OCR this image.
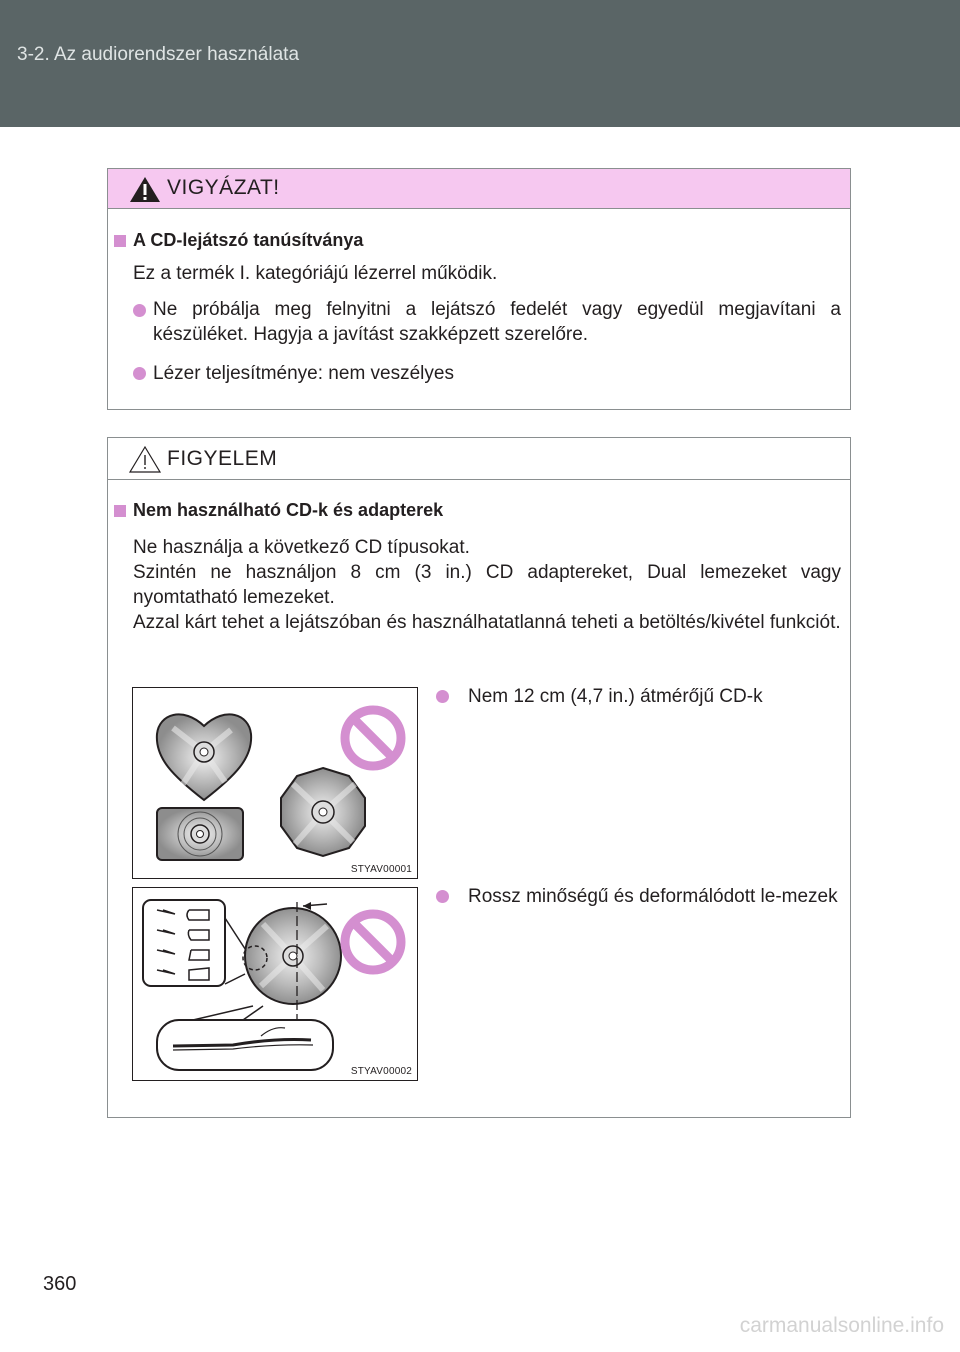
3-2. Az audiorendszer használata
VIGYÁZAT!
A CD-lejátszó tanúsítványa
Ez a termék I. kategóriájú lézerrel működik.
Ne próbálja meg felnyitni a lejátszó fedelét vagy egyedül megjavítani a készüléket. Hagyja a javítást szakképzett szerelőre.
Lézer teljesítménye: nem veszélyes
FIGYELEM
Nem használható CD-k és adapterek
Ne használja a következő CD típusokat.
Szintén ne használjon 8 cm (3 in.) CD adaptereket, Dual lemezeket vagy nyomtatható lemezeket.
Azzal kárt tehet a lejátszóban és használhatatlanná teheti a betöltés/kivétel funkciót.
STYAV00001
STYAV00002
Nem 12 cm (4,7 in.) átmérőjű CD-k
Rossz minőségű és deformálódott le-mezek
360
carmanualsonline.info
